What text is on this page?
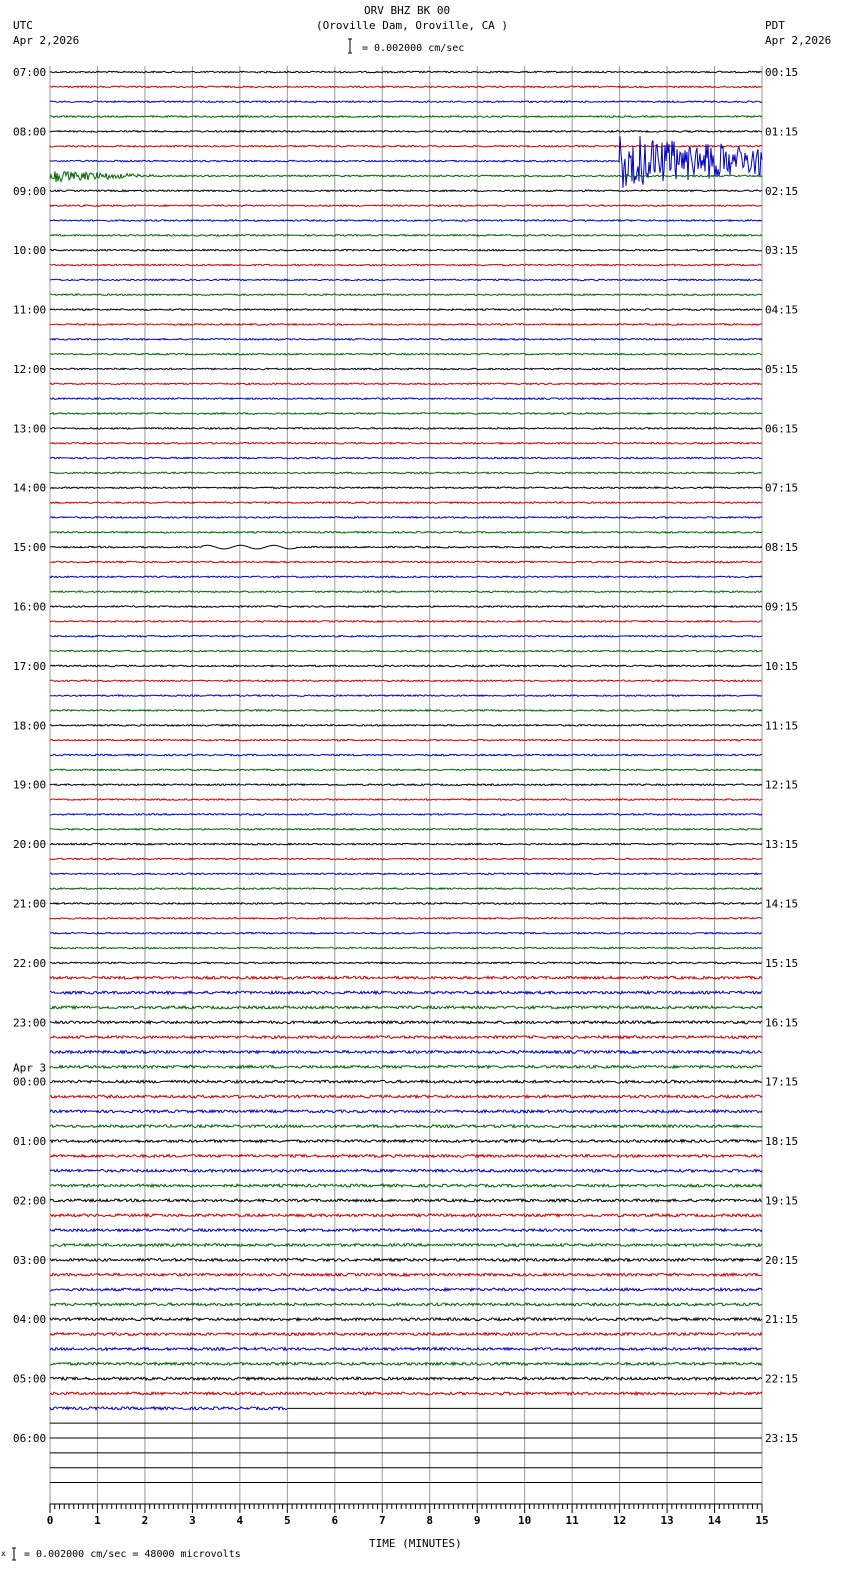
ORV BHZ BK 00
(Oroville Dam, Oroville, CA )
UTC
Apr 2,2026
PDT
Apr 2,2026
= 0.002000 cm/sec
TIME (MINUTES)
x = 0.002000 cm/sec = 48000 microvolts
0	1	2	3	4	5	6	7	8	9	10	11	12	13	14	15
07:00
08:00
09:00
10:00
11:00
12:00
13:00
14:00
15:00
16:00
17:00
18:00
19:00
20:00
21:00
22:00
23:00
00:00
01:00
02:00
03:00
04:00
05:00
06:00
00:15
01:15
02:15
03:15
04:15
05:15
06:15
07:15
08:15
09:15
10:15
11:15
12:15
13:15
14:15
15:15
16:15
17:15
18:15
19:15
20:15
21:15
22:15
23:15
Apr 3
